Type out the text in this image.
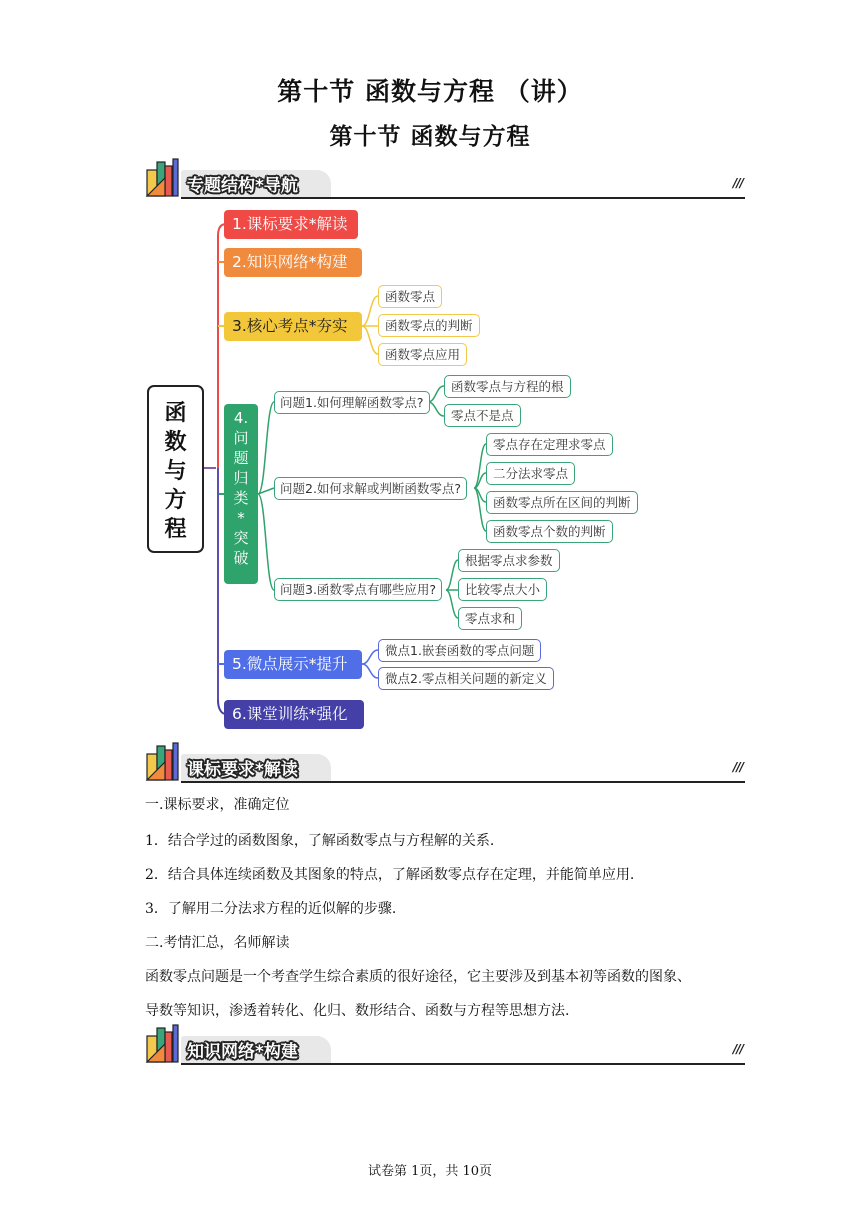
第十节 函数与方程 （讲）
第十节 函数与方程
专题结构*导航	///
函
数
与
方
程
1.课标要求*解读
2.知识网络*构建
3.核心考点*夯实
函数零点
函数零点的判断
函数零点应用
4.
问
题
归
类
*
突
破
问题1.如何理解函数零点?
函数零点与方程的根
零点不是点
问题2.如何求解或判断函数零点?
零点存在定理求零点
二分法求零点
函数零点所在区间的判断
函数零点个数的判断
问题3.函数零点有哪些应用?
根据零点求参数
比较零点大小
零点求和
5.微点展示*提升
微点1.嵌套函数的零点问题
微点2.零点相关问题的新定义
6.课堂训练*强化
课标要求*解读	///
一.课标要求，准确定位
1．结合学过的函数图象，了解函数零点与方程解的关系.
2．结合具体连续函数及其图象的特点，了解函数零点存在定理，并能简单应用.
3．了解用二分法求方程的近似解的步骤.
二.考情汇总，名师解读
函数零点问题是一个考查学生综合素质的很好途径，它主要涉及到基本初等函数的图象、
导数等知识，渗透着转化、化归、数形结合、函数与方程等思想方法.
知识网络*构建	///
试卷第 1页，共 10页
